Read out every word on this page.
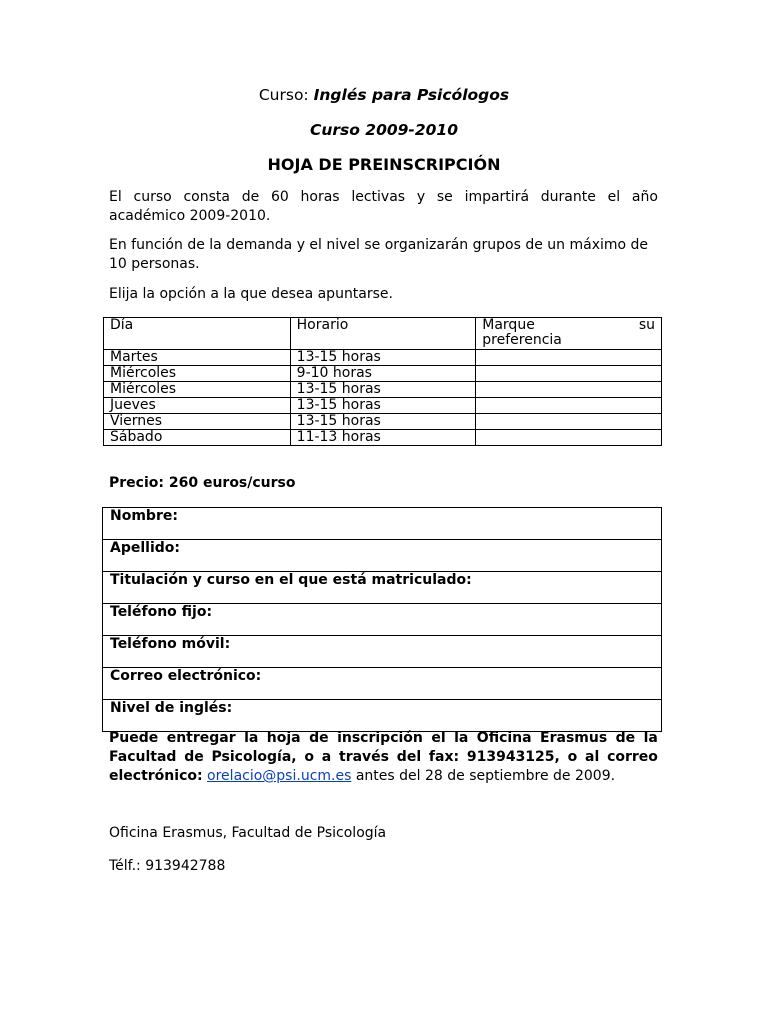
Curso: Inglés para Psicólogos
Curso 2009-2010
HOJA DE PREINSCRIPCIÓN
El curso consta de 60 horas lectivas y se impartirá durante el año
académico 2009-2010.
En función de la demanda y el nivel se organizarán grupos de un máximo de
10 personas.
Elija la opción a la que desea apuntarse.
Día	Horario	Marque su
preferencia

Martes	13-15 horas	
Miércoles	9-10 horas	
Miércoles	13-15 horas	
Jueves	13-15 horas	
Viernes	13-15 horas	
Sábado	11-13 horas	
Precio: 260 euros/curso
Nombre:
Apellido:
Titulación y curso en el que está matriculado:
Teléfono fijo:
Teléfono móvil:
Correo electrónico:
Nivel de inglés:
Puede entregar la hoja de inscripción el la Oficina Erasmus de la
Facultad de Psicología, o a través del fax: 913943125, o al correo
electrónico: orelacio@psi.ucm.es antes del 28 de septiembre de 2009.
Oficina Erasmus, Facultad de Psicología
Télf.: 913942788
